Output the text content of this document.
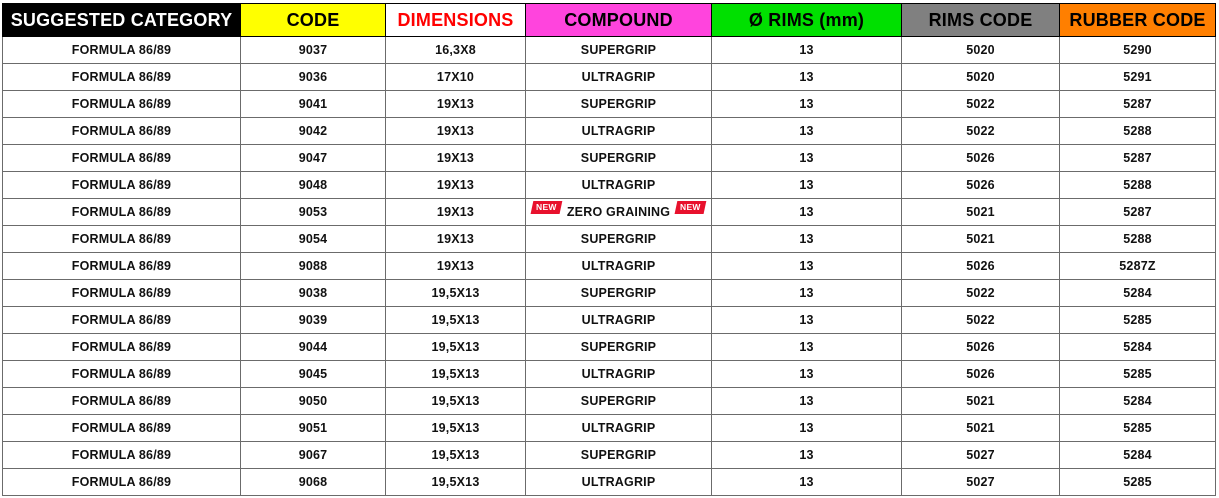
SUGGESTED CATEGORY	CODE	DIMENSIONS	COMPOUND	Ø RIMS (mm)	RIMS CODE	RUBBER CODE
FORMULA 86/89	9037	16,3X8	SUPERGRIP	13	5020	5290
FORMULA 86/89	9036	17X10	ULTRAGRIP	13	5020	5291
FORMULA 86/89	9041	19X13	SUPERGRIP	13	5022	5287
FORMULA 86/89	9042	19X13	ULTRAGRIP	13	5022	5288
FORMULA 86/89	9047	19X13	SUPERGRIP	13	5026	5287
FORMULA 86/89	9048	19X13	ULTRAGRIP	13	5026	5288
FORMULA 86/89	9053	19X13	NEW ZERO GRAINING NEW	13	5021	5287
FORMULA 86/89	9054	19X13	SUPERGRIP	13	5021	5288
FORMULA 86/89	9088	19X13	ULTRAGRIP	13	5026	5287Z
FORMULA 86/89	9038	19,5X13	SUPERGRIP	13	5022	5284
FORMULA 86/89	9039	19,5X13	ULTRAGRIP	13	5022	5285
FORMULA 86/89	9044	19,5X13	SUPERGRIP	13	5026	5284
FORMULA 86/89	9045	19,5X13	ULTRAGRIP	13	5026	5285
FORMULA 86/89	9050	19,5X13	SUPERGRIP	13	5021	5284
FORMULA 86/89	9051	19,5X13	ULTRAGRIP	13	5021	5285
FORMULA 86/89	9067	19,5X13	SUPERGRIP	13	5027	5284
FORMULA 86/89	9068	19,5X13	ULTRAGRIP	13	5027	5285
